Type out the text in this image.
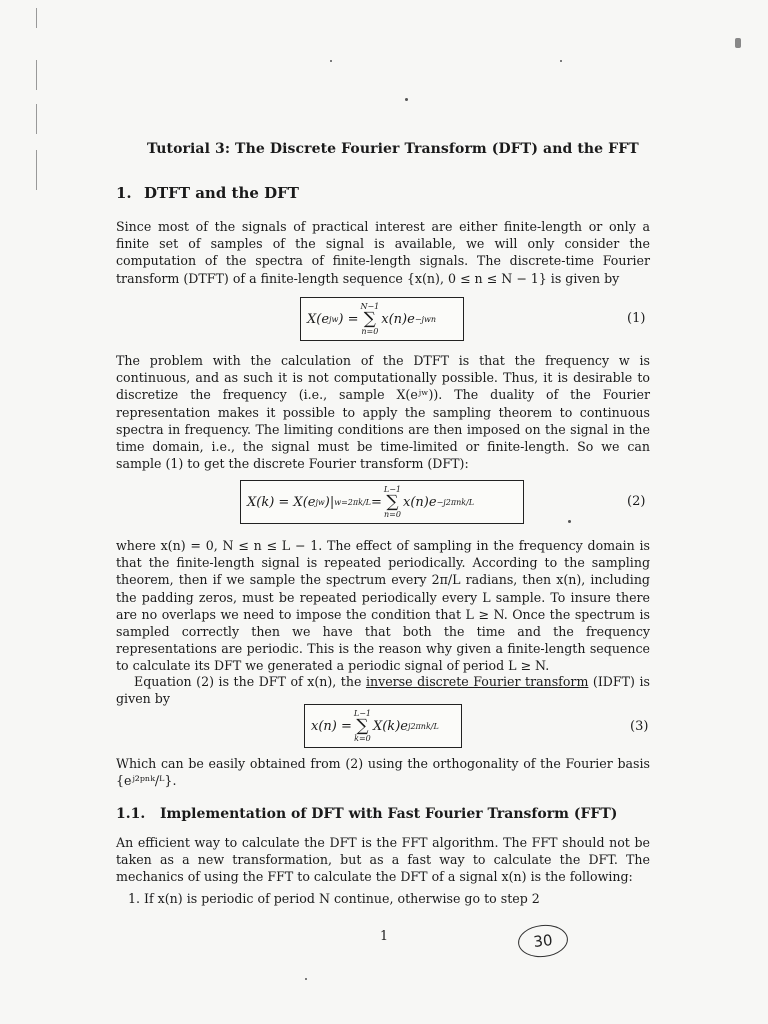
Tutorial 3: The Discrete Fourier Transform (DFT) and the FFT
1. DTFT and the DFT
Since most of the signals of practical interest are either finite-length or only a finite set of samples of the signal is available, we will only consider the computation of the spectra of finite-length signals. The discrete-time Fourier transform (DTFT) of a finite-length sequence {x(n), 0 ≤ n ≤ N − 1} is given by
X(e jw ) =
N−1
∑
n=0
x(n)e −jwn	(1)
The problem with the calculation of the DTFT is that the frequency w is continuous, and as such it is not computationally possible. Thus, it is desirable to discretize the frequency (i.e., sample X(eʲʷ)). The duality of the Fourier representation makes it possible to apply the sampling theorem to continuous spectra in frequency. The limiting conditions are then imposed on the signal in the time domain, i.e., the signal must be time-limited or finite-length. So we can sample (1) to get the discrete Fourier transform (DFT):
X(k) = X(e jw )| w=2πk/L =
L−1
∑
n=0
x(n)e −j2πnk/L	(2)
where x(n) = 0, N ≤ n ≤ L − 1. The effect of sampling in the frequency domain is that the finite-length signal is repeated periodically. According to the sampling theorem, then if we sample the spectrum every 2π/L radians, then x(n), including the padding zeros, must be repeated periodically every L sample. To insure there are no overlaps we need to impose the condition that L ≥ N. Once the spectrum is sampled correctly then we have that both the time and the frequency representations are periodic. This is the reason why given a finite-length sequence to calculate its DFT we generated a periodic signal of period L ≥ N.
Equation (2) is the DFT of x(n), the inverse discrete Fourier transform (IDFT) is given by
x(n) =
L−1
∑
k=0
X(k)e j2πnk/L	(3)
Which can be easily obtained from (2) using the orthogonality of the Fourier basis {eʲ²ᵖⁿᵏ/ᴸ}.
1.1. Implementation of DFT with Fast Fourier Transform (FFT)
An efficient way to calculate the DFT is the FFT algorithm. The FFT should not be taken as a new transformation, but as a fast way to calculate the DFT. The mechanics of using the FFT to calculate the DFT of a signal x(n) is the following:
1. If x(n) is periodic of period N continue, otherwise go to step 2
1	30
